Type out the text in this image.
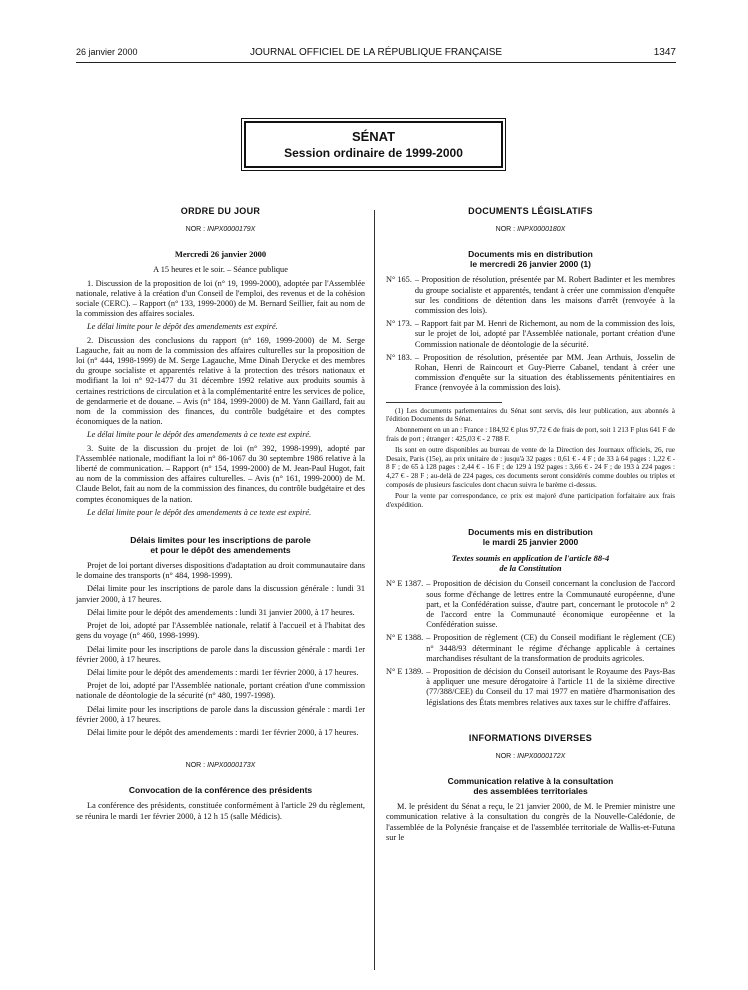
26 janvier 2000	JOURNAL OFFICIEL DE LA RÉPUBLIQUE FRANÇAISE	1347
SÉNAT
Session ordinaire de 1999-2000
ORDRE DU JOUR
NOR : INPX0000179X
Mercredi 26 janvier 2000

A 15 heures et le soir. – Séance publique

1. Discussion de la proposition de loi (n° 19, 1999-2000), adoptée par l'Assemblée nationale, relative à la création d'un Conseil de l'emploi, des revenus et de la cohésion sociale (CERC). – Rapport (n° 133, 1999-2000) de M. Bernard Seillier, fait au nom de la commission des affaires sociales.

Le délai limite pour le dépôt des amendements est expiré.

2. Discussion des conclusions du rapport (n° 169, 1999-2000) de M. Serge Lagauche, fait au nom de la commission des affaires culturelles sur la proposition de loi (n° 444, 1998-1999) de M. Serge Lagauche, Mme Dinah Derycke et des membres du groupe socialiste et apparentés relative à la protection des trésors nationaux et modifiant la loi n° 92-1477 du 31 décembre 1992 relative aux produits soumis à certaines restrictions de circulation et à la complémentarité entre les services de police, de gendarmerie et de douane. – Avis (n° 184, 1999-2000) de M. Yann Gaillard, fait au nom de la commission des finances, du contrôle budgétaire et des comptes économiques de la nation.

Le délai limite pour le dépôt des amendements à ce texte est expiré.

3. Suite de la discussion du projet de loi (n° 392, 1998-1999), adopté par l'Assemblée nationale, modifiant la loi n° 86-1067 du 30 septembre 1986 relative à la liberté de communication. – Rapport (n° 154, 1999-2000) de M. Jean-Paul Hugot, fait au nom de la commission des affaires culturelles. – Avis (n° 161, 1999-2000) de M. Claude Belot, fait au nom de la commission des finances, du contrôle budgétaire et des comptes économiques de la nation.

Le délai limite pour le dépôt des amendements à ce texte est expiré.

Délais limites pour les inscriptions de parole
et pour le dépôt des amendements

Projet de loi portant diverses dispositions d'adaptation au droit communautaire dans le domaine des transports (n° 484, 1998-1999).

Délai limite pour les inscriptions de parole dans la discussion générale : lundi 31 janvier 2000, à 17 heures.

Délai limite pour le dépôt des amendements : lundi 31 janvier 2000, à 17 heures.

Projet de loi, adopté par l'Assemblée nationale, relatif à l'accueil et à l'habitat des gens du voyage (n° 460, 1998-1999).

Délai limite pour les inscriptions de parole dans la discussion générale : mardi 1er février 2000, à 17 heures.

Délai limite pour le dépôt des amendements : mardi 1er février 2000, à 17 heures.

Projet de loi, adopté par l'Assemblée nationale, portant création d'une commission nationale de déontologie de la sécurité (n° 480, 1997-1998).

Délai limite pour les inscriptions de parole dans la discussion générale : mardi 1er février 2000, à 17 heures.

Délai limite pour le dépôt des amendements : mardi 1er février 2000, à 17 heures.

NOR : INPX0000173X
Convocation de la conférence des présidents

La conférence des présidents, constituée conformément à l'article 29 du règlement, se réunira le mardi 1er février 2000, à 12 h 15 (salle Médicis).

DOCUMENTS LÉGISLATIFS
NOR : INPX0000180X
Documents mis en distribution
le mercredi 26 janvier 2000 (1)
N° 165. – Proposition de résolution, présentée par M. Robert Badinter et les membres du groupe socialiste et apparentés, tendant à créer une commission d'enquête sur les conditions de détention dans les maisons d'arrêt (renvoyée à la commission des lois).
N° 173. – Rapport fait par M. Henri de Richemont, au nom de la commission des lois, sur le projet de loi, adopté par l'Assemblée nationale, portant création d'une Commission nationale de déontologie de la sécurité.
N° 183. – Proposition de résolution, présentée par MM. Jean Arthuis, Josselin de Rohan, Henri de Raincourt et Guy-Pierre Cabanel, tendant à créer une commission d'enquête sur la situation des établissements pénitentiaires en France (renvoyée à la commission des lois).

(1) Les documents parlementaires du Sénat sont servis, dès leur publication, aux abonnés à l'édition Documents du Sénat.

Abonnement en un an : France : 184,92 € plus 97,72 € de frais de port, soit 1 213 F plus 641 F de frais de port ; étranger : 425,03 € - 2 788 F.

Ils sont en outre disponibles au bureau de vente de la Direction des Journaux officiels, 26, rue Desaix, Paris (15e), au prix unitaire de : jusqu'à 32 pages : 0,61 € - 4 F ; de 33 à 64 pages : 1,22 € - 8 F ; de 65 à 128 pages : 2,44 € - 16 F ; de 129 à 192 pages : 3,66 € - 24 F ; de 193 à 224 pages : 4,27 € - 28 F ; au-delà de 224 pages, ces documents seront considérés comme doubles ou triples et composés de plusieurs fascicules dont chacun suivra le barème ci-dessus.

Pour la vente par correspondance, ce prix est majoré d'une participation forfaitaire aux frais d'expédition.

Documents mis en distribution
le mardi 25 janvier 2000
Textes soumis en application de l'article 88-4
de la Constitution
N° E 1387. – Proposition de décision du Conseil concernant la conclusion de l'accord sous forme d'échange de lettres entre la Communauté européenne, d'une part, et la Confédération suisse, d'autre part, concernant le protocole n° 2 de l'accord entre la Communauté économique européenne et la Confédération suisse.
N° E 1388. – Proposition de règlement (CE) du Conseil modifiant le règlement (CE) n° 3448/93 déterminant le régime d'échange applicable à certaines marchandises résultant de la transformation de produits agricoles.
N° E 1389. – Proposition de décision du Conseil autorisant le Royaume des Pays-Bas à appliquer une mesure dérogatoire à l'article 11 de la sixième directive (77/388/CEE) du Conseil du 17 mai 1977 en matière d'harmonisation des législations des États membres relatives aux taxes sur le chiffre d'affaires.
INFORMATIONS DIVERSES
NOR : INPX0000172X
Communication relative à la consultation
des assemblées territoriales

M. le président du Sénat a reçu, le 21 janvier 2000, de M. le Premier ministre une communication relative à la consultation du congrès de la Nouvelle-Calédonie, de l'assemblée de la Polynésie française et de l'assemblée territoriale de Wallis-et-Futuna sur le
